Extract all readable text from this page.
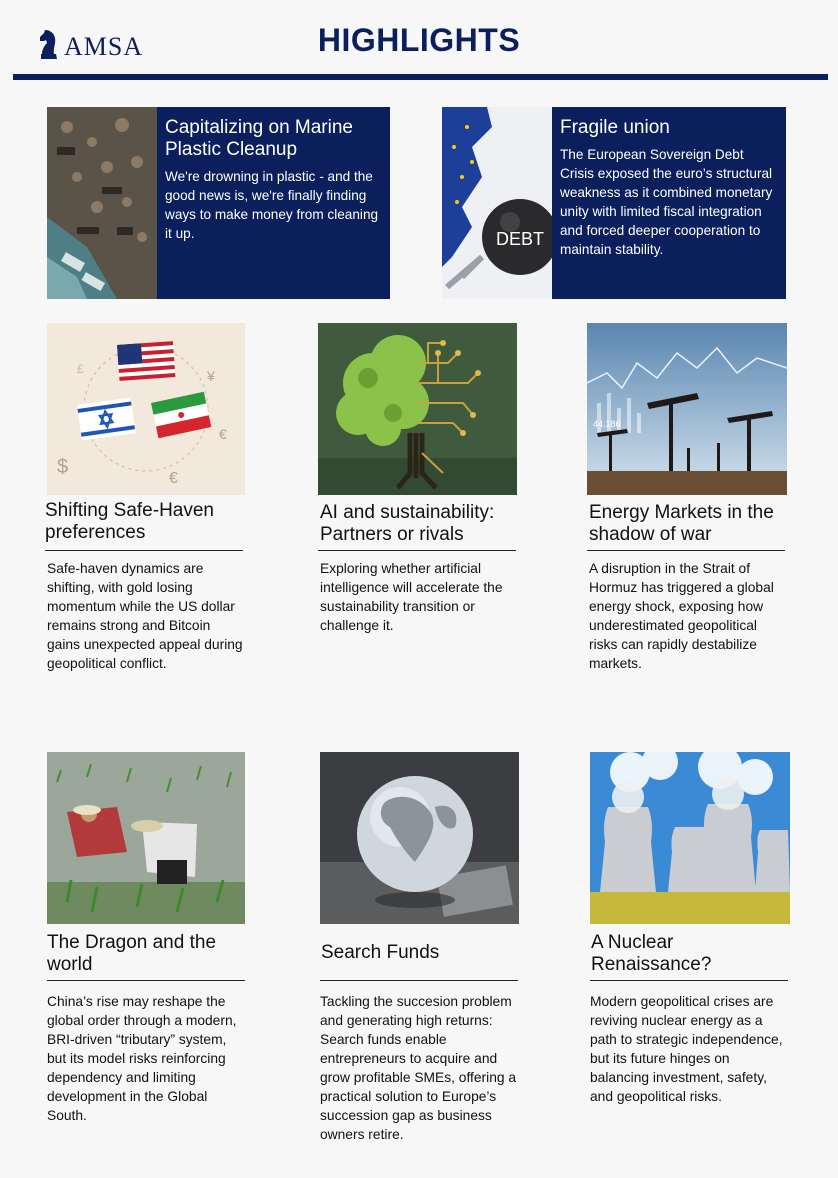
AMSA	HIGHLIGHTS
Capitalizing on Marine Plastic Cleanup
We're drowning in plastic - and the good news is, we're finally finding ways to make money from cleaning it up.	DEBT
Fragile union
The European Sovereign Debt Crisis exposed the euro’s structural weakness as it combined monetary unity with limited fiscal integration and forced deeper cooperation to maintain stability.
¥
€
$
€
£
Shifting Safe-Haven preferences
Safe-haven dynamics are shifting, with gold losing momentum while the US dollar remains strong and Bitcoin gains unexpected appeal during geopolitical conflict.
AI and sustainability: Partners or rivals
Exploring whether artificial intelligence will accelerate the sustainability transition or challenge it.
44.186
Energy Markets in the shadow of war
A disruption in the Strait of Hormuz has triggered a global energy shock, exposing how underestimated geopolitical risks can rapidly destabilize markets.
The Dragon and the world
China’s rise may reshape the global order through a modern, BRI-driven “tributary” system, but its model risks reinforcing dependency and limiting development in the Global South.
Search Funds
Tackling the succesion problem and generating high returns: Search funds enable entrepreneurs to acquire and grow profitable SMEs, offering a practical solution to Europe’s succession gap as business owners retire.
A Nuclear Renaissance?
Modern geopolitical crises are reviving nuclear energy as a path to strategic independence, but its future hinges on balancing investment, safety, and geopolitical risks.
